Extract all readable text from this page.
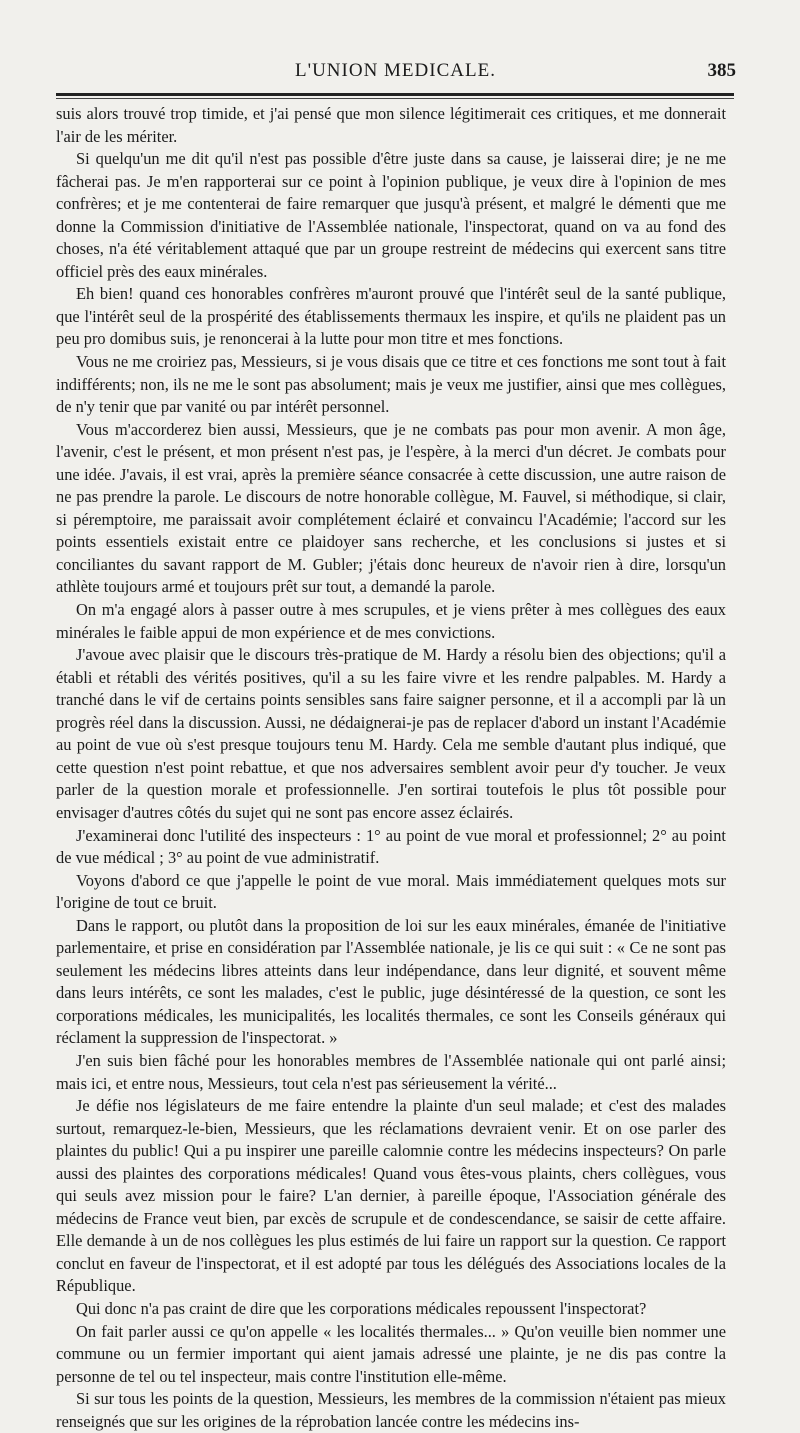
L'UNION MEDICALE.	385

suis alors trouvé trop timide, et j'ai pensé que mon silence légitimerait ces critiques, et me donnerait l'air de les mériter.

Si quelqu'un me dit qu'il n'est pas possible d'être juste dans sa cause, je laisserai dire; je ne me fâcherai pas. Je m'en rapporterai sur ce point à l'opinion publique, je veux dire à l'opinion de mes confrères; et je me contenterai de faire remarquer que jusqu'à présent, et malgré le démenti que me donne la Commission d'initiative de l'Assemblée nationale, l'inspectorat, quand on va au fond des choses, n'a été véritablement attaqué que par un groupe restreint de médecins qui exercent sans titre officiel près des eaux minérales.

Eh bien! quand ces honorables confrères m'auront prouvé que l'intérêt seul de la santé publique, que l'intérêt seul de la prospérité des établissements thermaux les inspire, et qu'ils ne plaident pas un peu pro domibus suis, je renoncerai à la lutte pour mon titre et mes fonctions.

Vous ne me croiriez pas, Messieurs, si je vous disais que ce titre et ces fonctions me sont tout à fait indifférents; non, ils ne me le sont pas absolument; mais je veux me justifier, ainsi que mes collègues, de n'y tenir que par vanité ou par intérêt personnel.

Vous m'accorderez bien aussi, Messieurs, que je ne combats pas pour mon avenir. A mon âge, l'avenir, c'est le présent, et mon présent n'est pas, je l'espère, à la merci d'un décret. Je combats pour une idée. J'avais, il est vrai, après la première séance consacrée à cette discussion, une autre raison de ne pas prendre la parole. Le discours de notre honorable collègue, M. Fauvel, si méthodique, si clair, si péremptoire, me paraissait avoir complétement éclairé et convaincu l'Académie; l'accord sur les points essentiels existait entre ce plaidoyer sans recherche, et les conclusions si justes et si conciliantes du savant rapport de M. Gubler; j'étais donc heureux de n'avoir rien à dire, lorsqu'un athlète toujours armé et toujours prêt sur tout, a demandé la parole.

On m'a engagé alors à passer outre à mes scrupules, et je viens prêter à mes collègues des eaux minérales le faible appui de mon expérience et de mes convictions.

J'avoue avec plaisir que le discours très-pratique de M. Hardy a résolu bien des objections; qu'il a établi et rétabli des vérités positives, qu'il a su les faire vivre et les rendre palpables. M. Hardy a tranché dans le vif de certains points sensibles sans faire saigner personne, et il a accompli par là un progrès réel dans la discussion. Aussi, ne dédaignerai-je pas de replacer d'abord un instant l'Académie au point de vue où s'est presque toujours tenu M. Hardy. Cela me semble d'autant plus indiqué, que cette question n'est point rebattue, et que nos adversaires semblent avoir peur d'y toucher. Je veux parler de la question morale et professionnelle. J'en sortirai toutefois le plus tôt possible pour envisager d'autres côtés du sujet qui ne sont pas encore assez éclairés.

J'examinerai donc l'utilité des inspecteurs : 1° au point de vue moral et professionnel; 2° au point de vue médical ; 3° au point de vue administratif.

Voyons d'abord ce que j'appelle le point de vue moral. Mais immédiatement quelques mots sur l'origine de tout ce bruit.

Dans le rapport, ou plutôt dans la proposition de loi sur les eaux minérales, émanée de l'initiative parlementaire, et prise en considération par l'Assemblée nationale, je lis ce qui suit : « Ce ne sont pas seulement les médecins libres atteints dans leur indépendance, dans leur dignité, et souvent même dans leurs intérêts, ce sont les malades, c'est le public, juge désintéressé de la question, ce sont les corporations médicales, les municipalités, les localités thermales, ce sont les Conseils généraux qui réclament la suppression de l'inspectorat. »

J'en suis bien fâché pour les honorables membres de l'Assemblée nationale qui ont parlé ainsi; mais ici, et entre nous, Messieurs, tout cela n'est pas sérieusement la vérité...

Je défie nos législateurs de me faire entendre la plainte d'un seul malade; et c'est des malades surtout, remarquez-le-bien, Messieurs, que les réclamations devraient venir. Et on ose parler des plaintes du public! Qui a pu inspirer une pareille calomnie contre les médecins inspecteurs? On parle aussi des plaintes des corporations médicales! Quand vous êtes-vous plaints, chers collègues, vous qui seuls avez mission pour le faire? L'an dernier, à pareille époque, l'Association générale des médecins de France veut bien, par excès de scrupule et de condescendance, se saisir de cette affaire. Elle demande à un de nos collègues les plus estimés de lui faire un rapport sur la question. Ce rapport conclut en faveur de l'inspectorat, et il est adopté par tous les délégués des Associations locales de la République.

Qui donc n'a pas craint de dire que les corporations médicales repoussent l'inspectorat?

On fait parler aussi ce qu'on appelle « les localités thermales... » Qu'on veuille bien nommer une commune ou un fermier important qui aient jamais adressé une plainte, je ne dis pas contre la personne de tel ou tel inspecteur, mais contre l'institution elle-même.

Si sur tous les points de la question, Messieurs, les membres de la commission n'étaient pas mieux renseignés que sur les origines de la réprobation lancée contre les médecins ins-
